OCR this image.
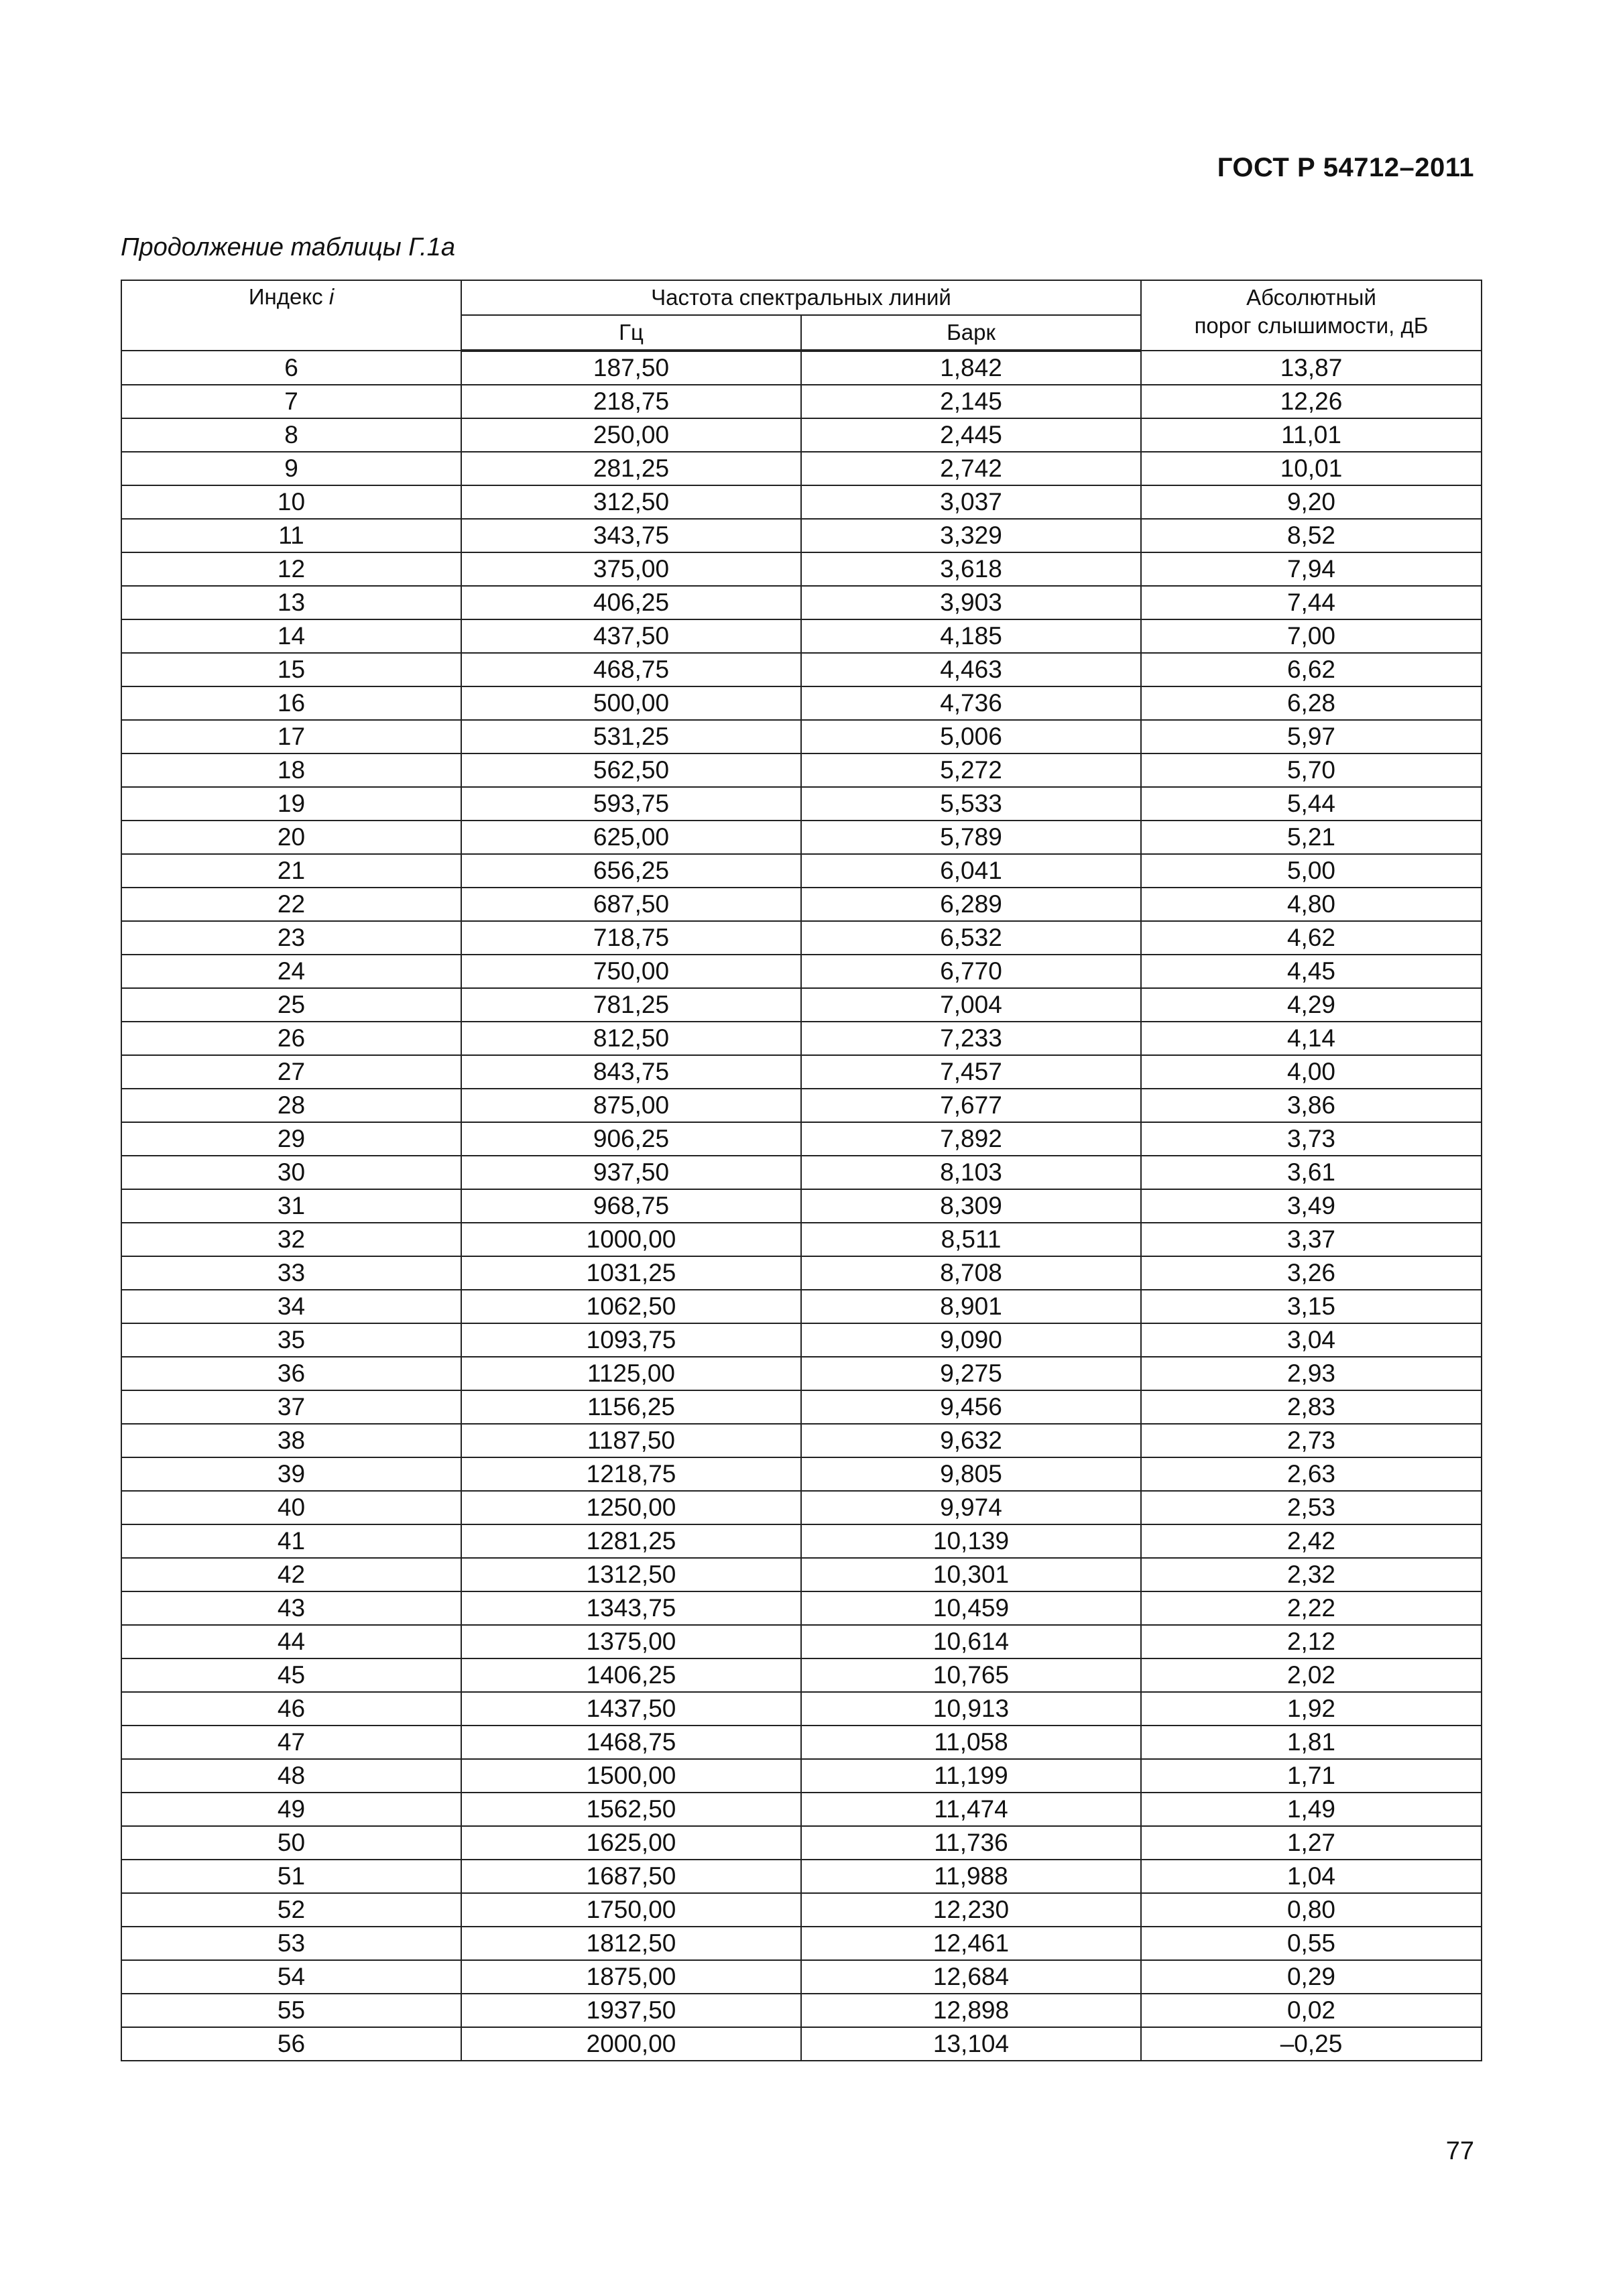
ГОСТ Р 54712–2011
Продолжение таблицы Г.1а
Индекс i	Частота спектральных линий		Абсолютный
порог слышимости, дБ
	Гц	Барк	
6	187,50	1,842	13,87
7	218,75	2,145	12,26
8	250,00	2,445	11,01
9	281,25	2,742	10,01
10	312,50	3,037	9,20
11	343,75	3,329	8,52
12	375,00	3,618	7,94
13	406,25	3,903	7,44
14	437,50	4,185	7,00
15	468,75	4,463	6,62
16	500,00	4,736	6,28
17	531,25	5,006	5,97
18	562,50	5,272	5,70
19	593,75	5,533	5,44
20	625,00	5,789	5,21
21	656,25	6,041	5,00
22	687,50	6,289	4,80
23	718,75	6,532	4,62
24	750,00	6,770	4,45
25	781,25	7,004	4,29
26	812,50	7,233	4,14
27	843,75	7,457	4,00
28	875,00	7,677	3,86
29	906,25	7,892	3,73
30	937,50	8,103	3,61
31	968,75	8,309	3,49
32	1000,00	8,511	3,37
33	1031,25	8,708	3,26
34	1062,50	8,901	3,15
35	1093,75	9,090	3,04
36	1125,00	9,275	2,93
37	1156,25	9,456	2,83
38	1187,50	9,632	2,73
39	1218,75	9,805	2,63
40	1250,00	9,974	2,53
41	1281,25	10,139	2,42
42	1312,50	10,301	2,32
43	1343,75	10,459	2,22
44	1375,00	10,614	2,12
45	1406,25	10,765	2,02
46	1437,50	10,913	1,92
47	1468,75	11,058	1,81
48	1500,00	11,199	1,71
49	1562,50	11,474	1,49
50	1625,00	11,736	1,27
51	1687,50	11,988	1,04
52	1750,00	12,230	0,80
53	1812,50	12,461	0,55
54	1875,00	12,684	0,29
55	1937,50	12,898	0,02
56	2000,00	13,104	–0,25
77
